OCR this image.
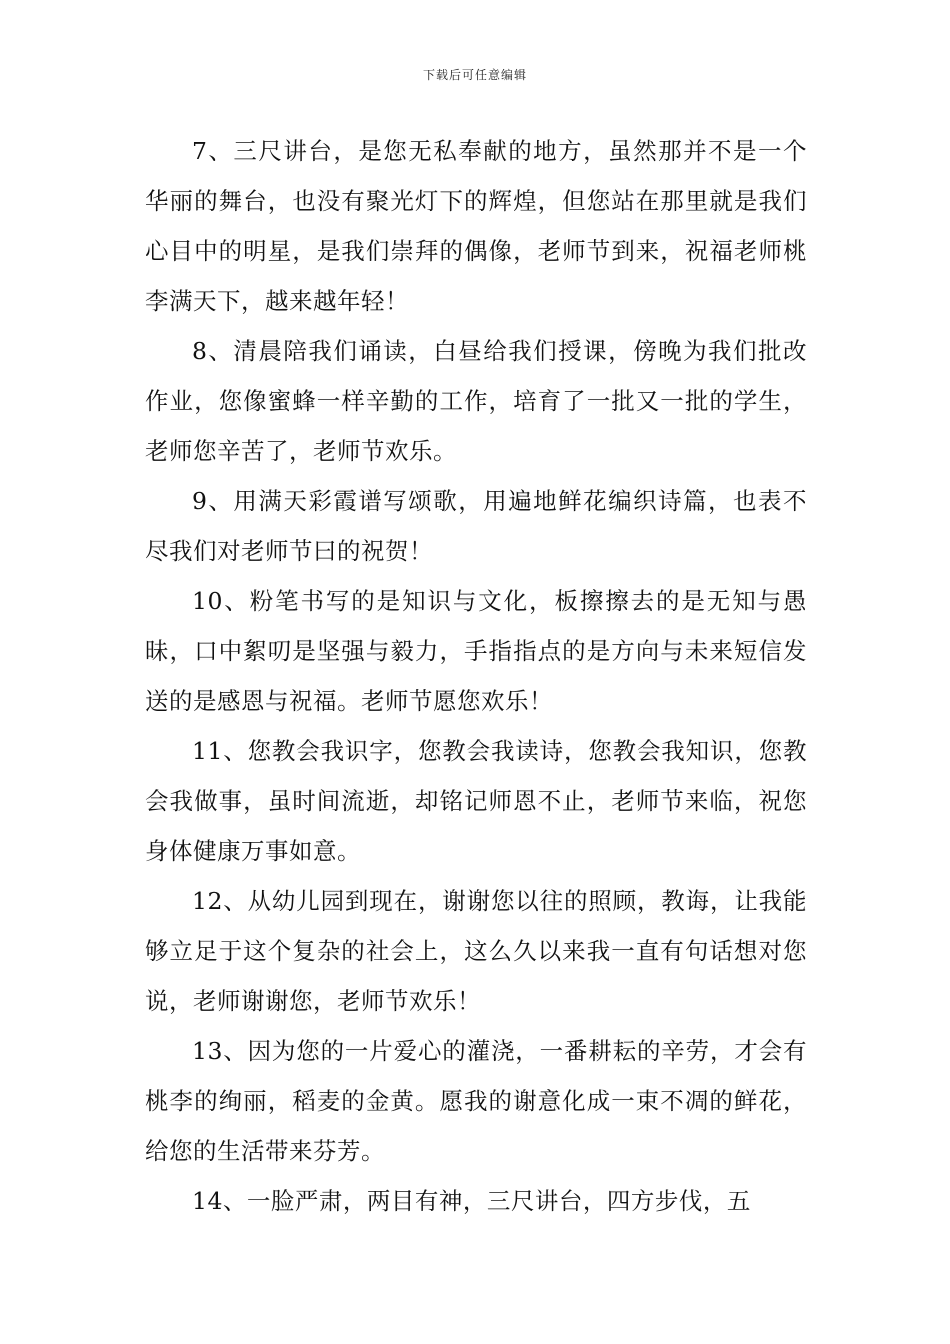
下载后可任意编辑

7、三尺讲台，是您无私奉献的地方，虽然那并不是一个华丽的舞台，也没有聚光灯下的辉煌，但您站在那里就是我们心目中的明星，是我们崇拜的偶像，老师节到来，祝福老师桃李满天下，越来越年轻！

8、清晨陪我们诵读，白昼给我们授课，傍晚为我们批改作业，您像蜜蜂一样辛勤的工作，培育了一批又一批的学生，老师您辛苦了，老师节欢乐。

9、用满天彩霞谱写颂歌，用遍地鲜花编织诗篇，也表不尽我们对老师节曰的祝贺！

10、粉笔书写的是知识与文化，板擦擦去的是无知与愚昧，口中絮叨是坚强与毅力，手指指点的是方向与未来短信发送的是感恩与祝福。老师节愿您欢乐！

11、您教会我识字，您教会我读诗，您教会我知识，您教会我做事，虽时间流逝，却铭记师恩不止，老师节来临，祝您身体健康万事如意。

12、从幼儿园到现在，谢谢您以往的照顾，教诲，让我能够立足于这个复杂的社会上，这么久以来我一直有句话想对您说，老师谢谢您，老师节欢乐！

13、因为您的一片爱心的灌浇，一番耕耘的辛劳，才会有桃李的绚丽，稻麦的金黄。愿我的谢意化成一束不凋的鲜花，给您的生活带来芬芳。

14、一脸严肃，两目有神，三尺讲台，四方步伐，五
